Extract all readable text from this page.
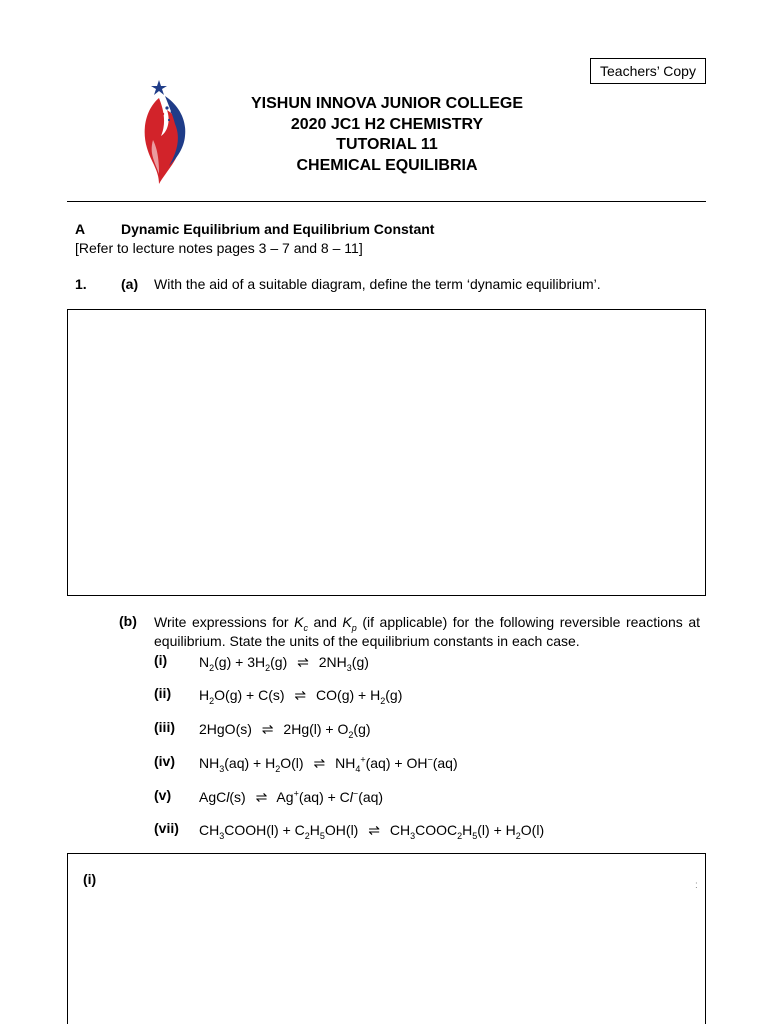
Teachers’ Copy
YISHUN INNOVA JUNIOR COLLEGE
2020 JC1 H2 CHEMISTRY
TUTORIAL 11
CHEMICAL EQUILIBRIA
A	Dynamic Equilibrium and Equilibrium Constant
[Refer to lecture notes pages 3 – 7 and 8 – 11]
1. (a) With the aid of a suitable diagram, define the term ‘dynamic equilibrium’.
(b) Write expressions for $K_c$ and $K_p$ (if applicable) for the following reversible reactions at equilibrium. State the units of the equilibrium constants in each case.
(i) $N_2(g) + 3H_2(g)$ ⇌ $2NH_3(g)$
(ii) $H_2O(g) + C(s)$ ⇌ $CO(g) + H_2(g)$
(iii) 2HgO(s) ⇌ $2Hg(l) + O_2(g)$
(iv) $NH_3(aq) + H_2O(l)$ ⇌ $NH_4^+(aq) + OH^-(aq)$
(v) AgCl(s) ⇌ Ag+(aq) + Cl−(aq)
(vii) $CH_3COOH(l) + C_2H_5OH(l)$ ⇌ $CH_3COOC_2H_5(l) + H_2O(l)$
(i)	:
